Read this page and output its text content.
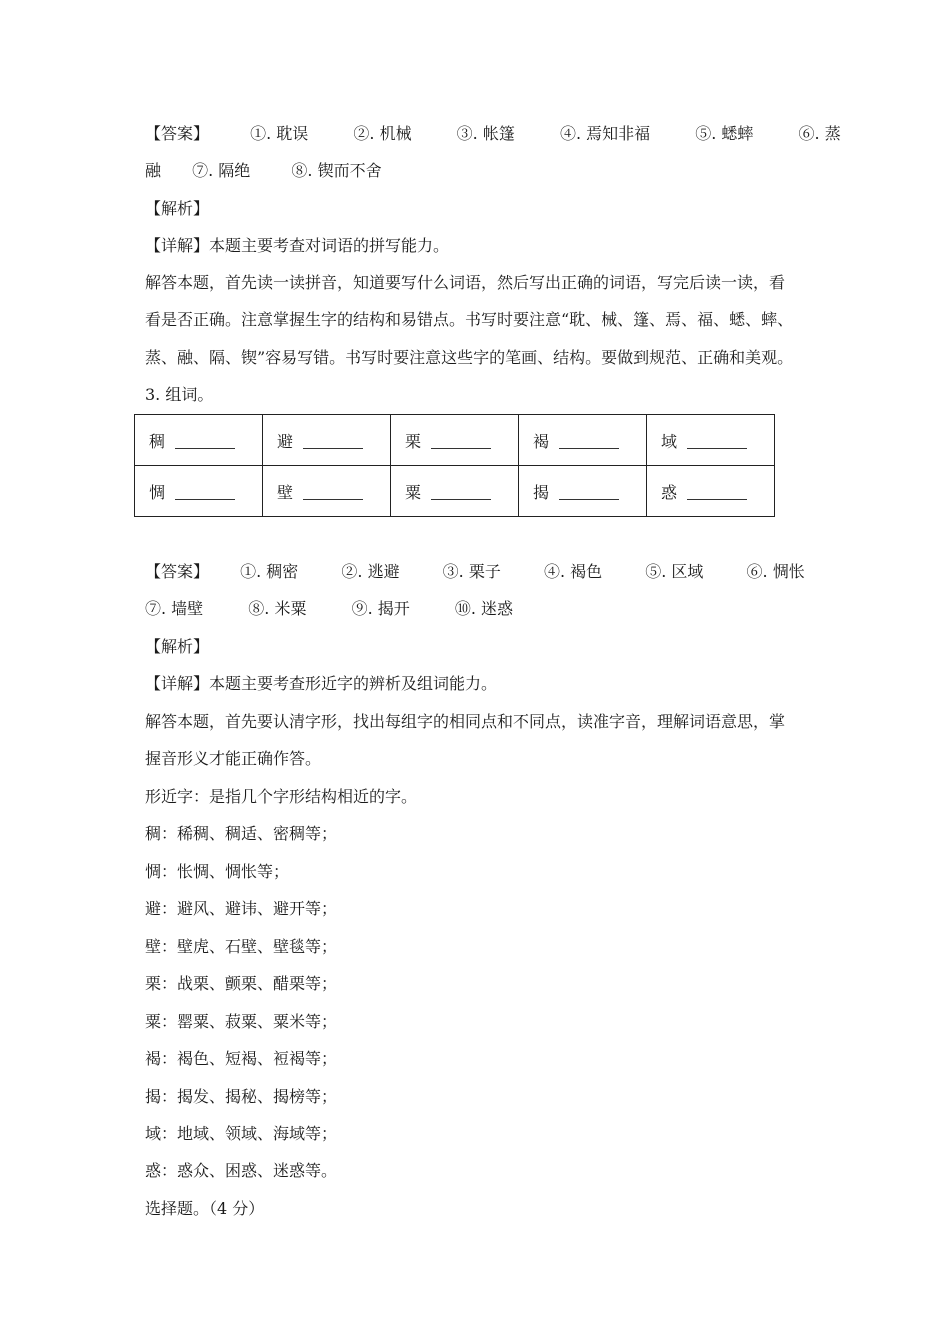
【答案】	①. 耽误	②. 机械	③. 帐篷	④. 焉知非福	⑤. 蟋蟀	⑥. 蒸
融 ⑦. 隔绝	⑧. 锲而不舍
【解析】
【详解】本题主要考查对词语的拼写能力。
解答本题，首先读一读拼音，知道要写什么词语，然后写出正确的词语，写完后读一读，看
看是否正确。注意掌握生字的结构和易错点。书写时要注意“耽、械、篷、焉、福、蟋、蟀、
蒸、融、隔、锲”容易写错。书写时要注意这些字的笔画、结构。要做到规范、正确和美观。
3. 组词。
稠	避	栗	褐	域
惆	壁	粟	揭	惑
【答案】 ①. 稠密	②. 逃避	③. 栗子	④. 褐色	⑤. 区域	⑥. 惆怅
⑦. 墙壁	⑧. 米粟	⑨. 揭开	⑩. 迷惑
【解析】
【详解】本题主要考查形近字的辨析及组词能力。
解答本题，首先要认清字形，找出每组字的相同点和不同点，读准字音，理解词语意思，掌
握音形义才能正确作答。
形近字：是指几个字形结构相近的字。
稠：稀稠、稠适、密稠等；
惆：怅惆、惆怅等；
避：避风、避讳、避开等；
壁：壁虎、石壁、壁毯等；
栗：战栗、颤栗、醋栗等；
粟：罂粟、菽粟、粟米等；
褐：褐色、短褐、裋褐等；
揭：揭发、揭秘、揭榜等；
域：地域、领域、海域等；
惑：惑众、困惑、迷惑等。
选择题。（4 分）
